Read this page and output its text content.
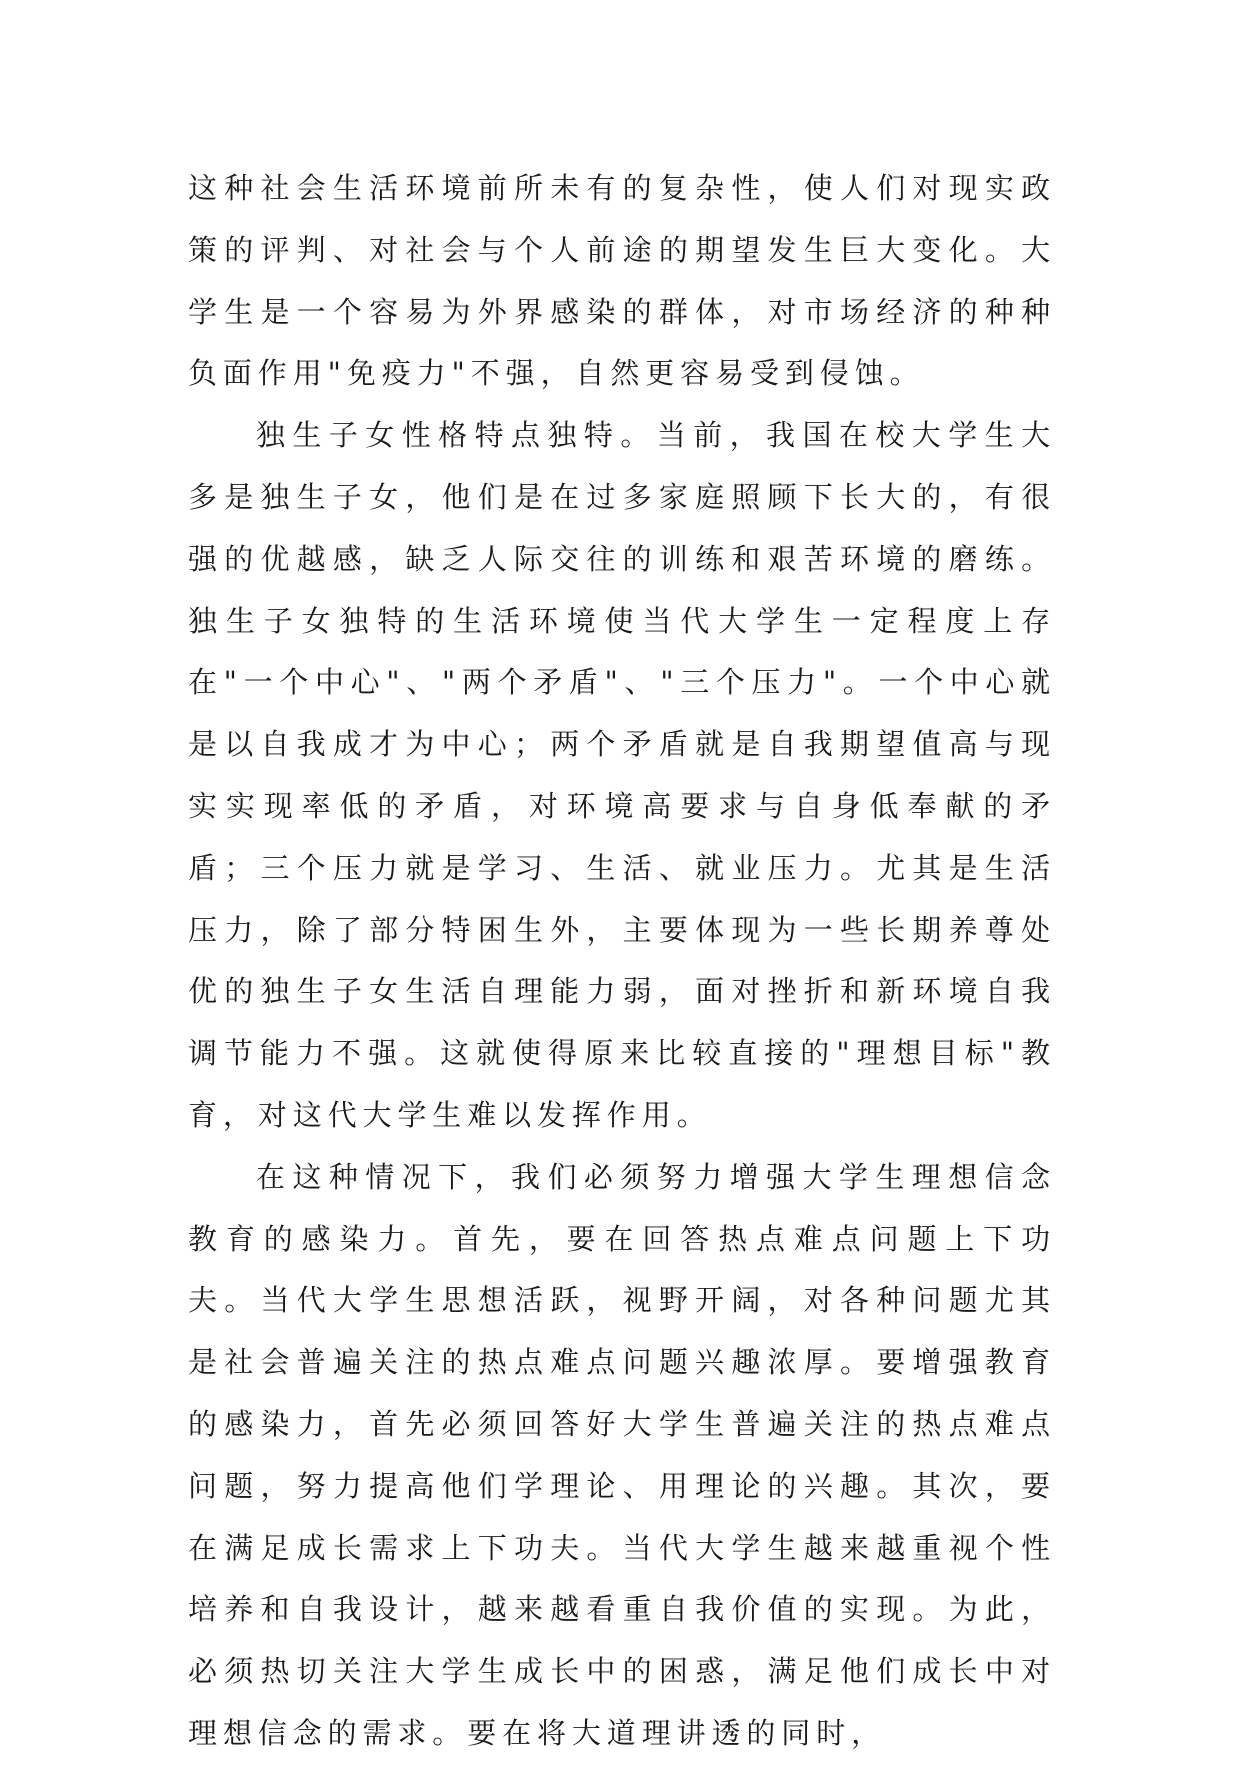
这种社会生活环境前所未有的复杂性，使人们对现实政策的评判、对社会与个人前途的期望发生巨大变化。大学生是一个容易为外界感染的群体，对市场经济的种种负面作用"免疫力"不强，自然更容易受到侵蚀。

独生子女性格特点独特。当前，我国在校大学生大多是独生子女，他们是在过多家庭照顾下长大的，有很强的优越感，缺乏人际交往的训练和艰苦环境的磨练。独生子女独特的生活环境使当代大学生一定程度上存在"一个中心"、"两个矛盾"、"三个压力"。一个中心就是以自我成才为中心；两个矛盾就是自我期望值高与现实实现率低的矛盾，对环境高要求与自身低奉献的矛盾；三个压力就是学习、生活、就业压力。尤其是生活压力，除了部分特困生外，主要体现为一些长期养尊处优的独生子女生活自理能力弱，面对挫折和新环境自我调节能力不强。这就使得原来比较直接的"理想目标"教育，对这代大学生难以发挥作用。

在这种情况下，我们必须努力增强大学生理想信念教育的感染力。首先，要在回答热点难点问题上下功夫。当代大学生思想活跃，视野开阔，对各种问题尤其是社会普遍关注的热点难点问题兴趣浓厚。要增强教育的感染力，首先必须回答好大学生普遍关注的热点难点问题，努力提高他们学理论、用理论的兴趣。其次，要在满足成长需求上下功夫。当代大学生越来越重视个性培养和自我设计，越来越看重自我价值的实现。为此，必须热切关注大学生成长中的困惑，满足他们成长中对理想信念的需求。要在将大道理讲透的同时，
